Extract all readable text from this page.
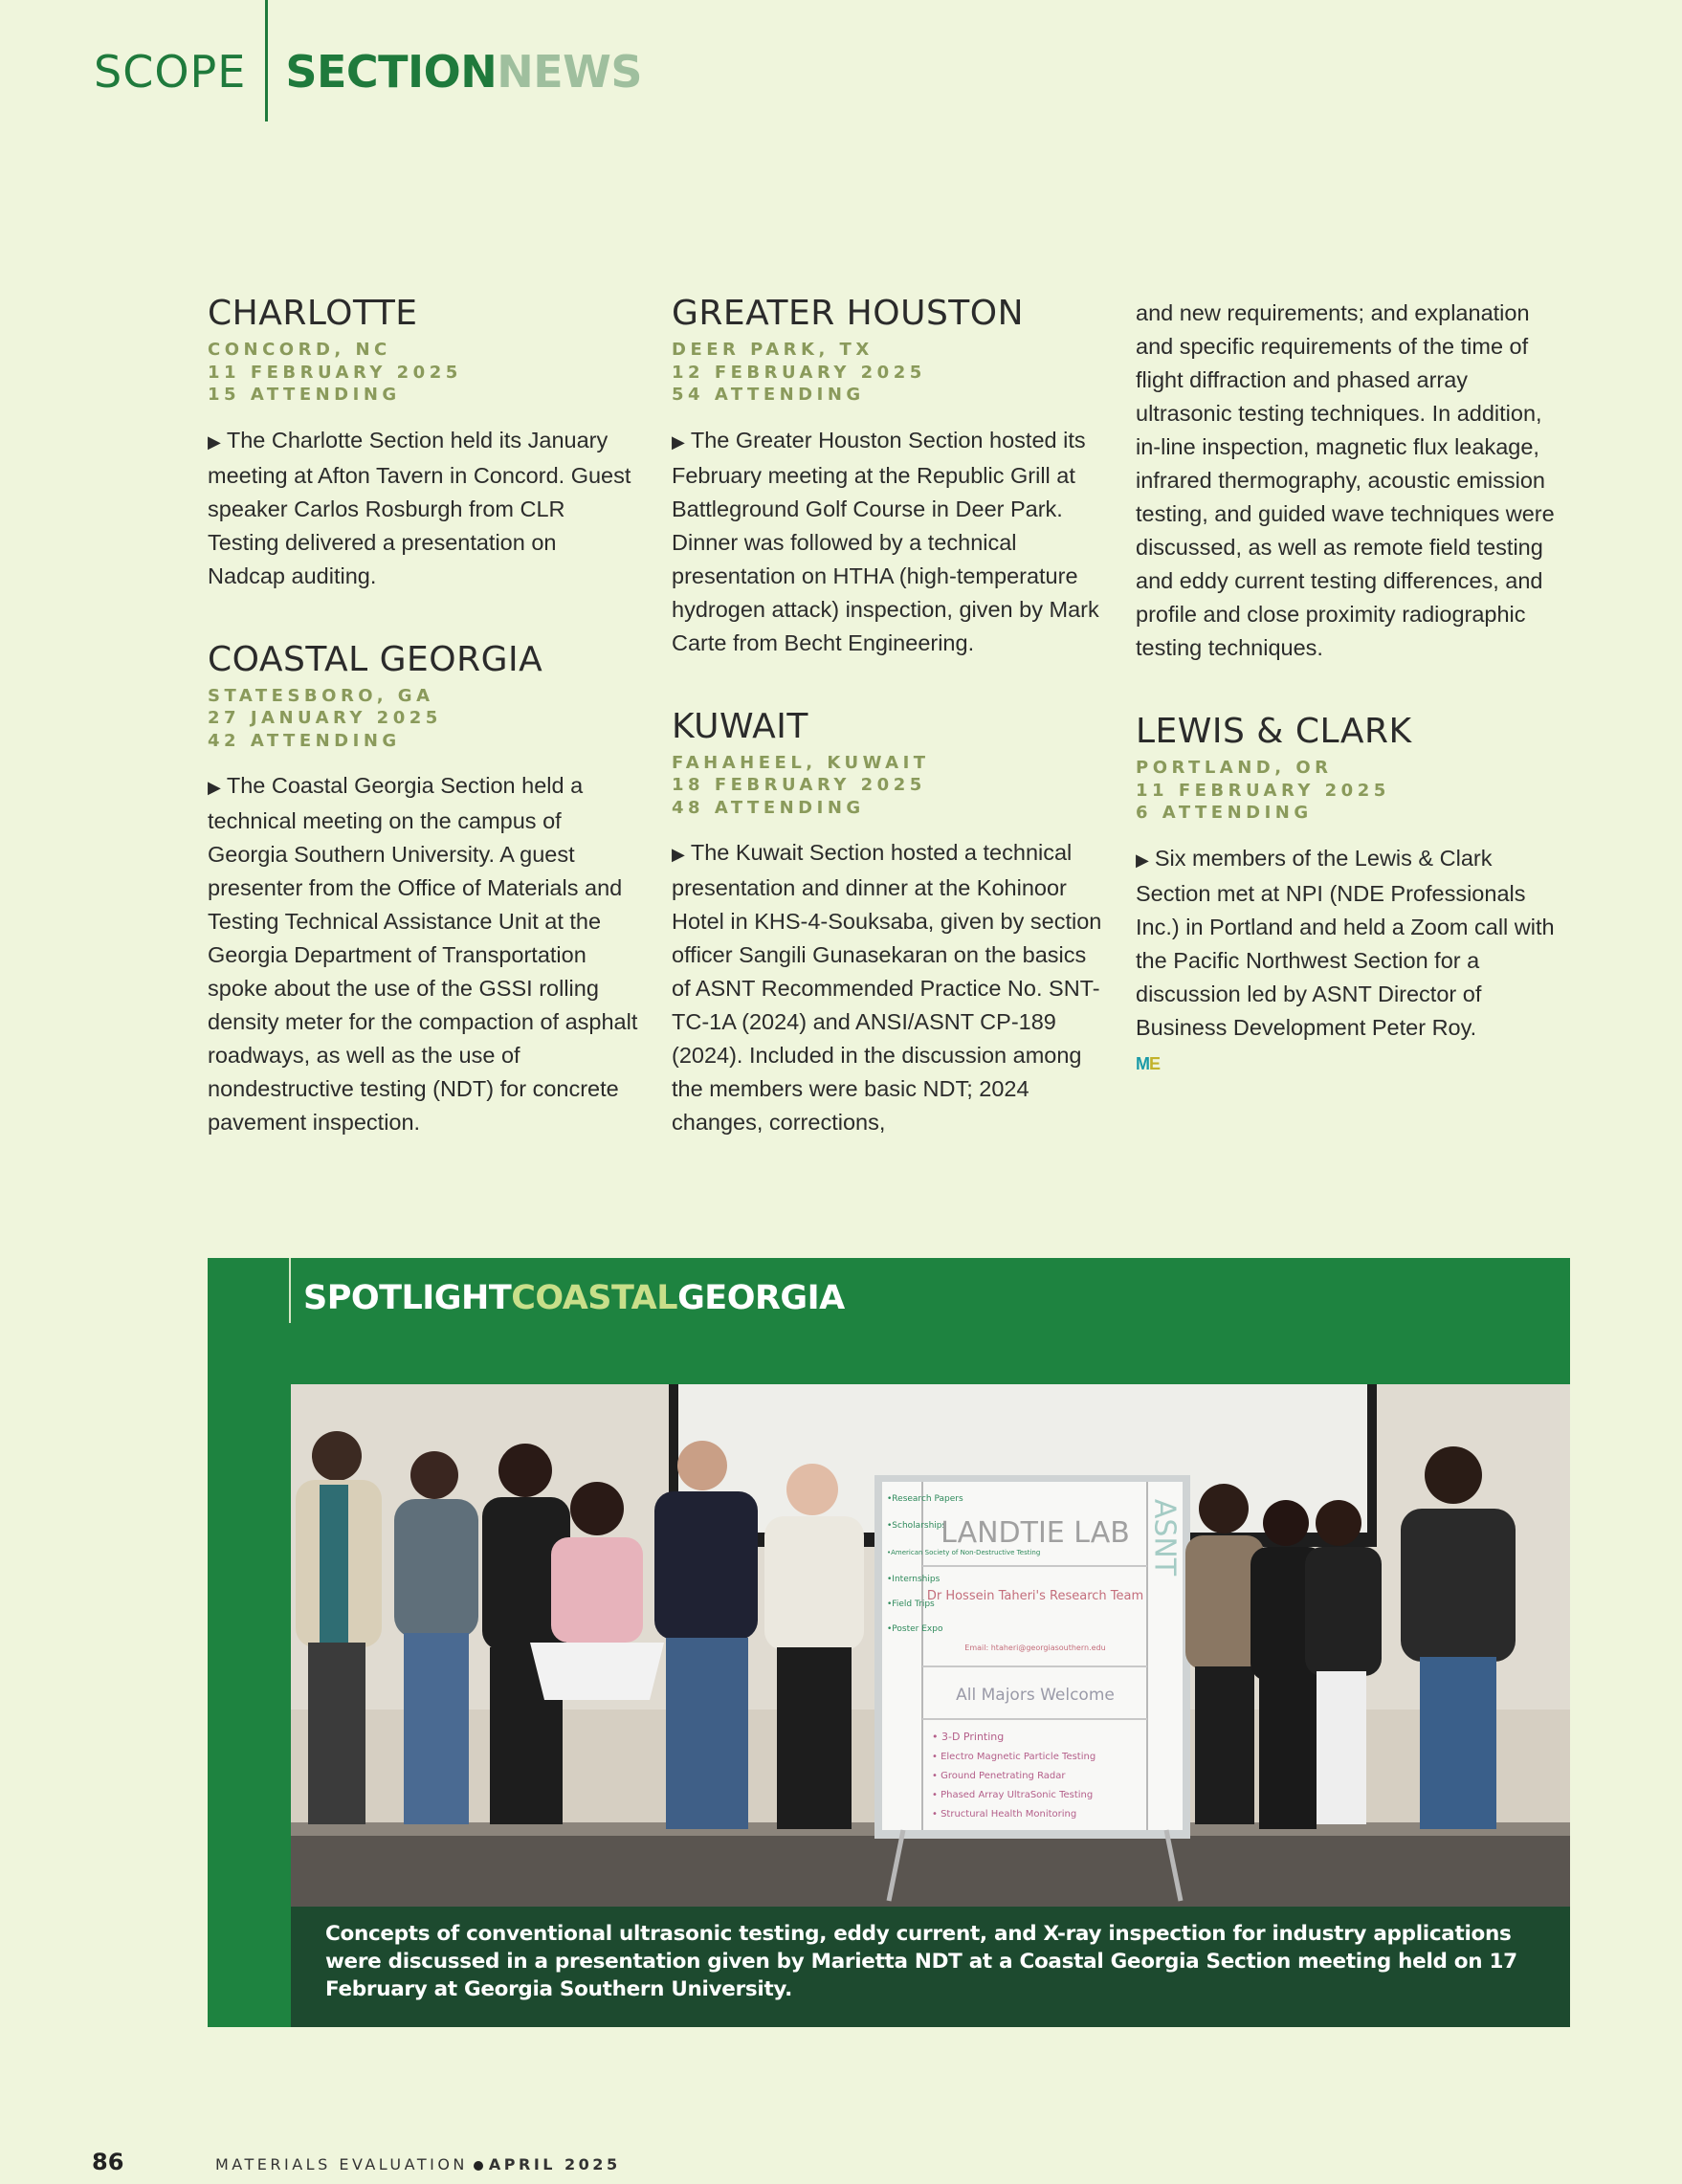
SCOPE SECTIONNEWS
CHARLOTTE
CONCORD, NC
11 FEBRUARY 2025
15 ATTENDING

▶ The Charlotte Section held its January meeting at Afton Tavern in Concord. Guest speaker Carlos Rosburgh from CLR Testing delivered a presentation on Nadcap auditing.

COASTAL GEORGIA
STATESBORO, GA
27 JANUARY 2025
42 ATTENDING

▶ The Coastal Georgia Section held a technical meeting on the campus of Georgia Southern University. A guest presenter from the Office of Materials and Testing Technical Assistance Unit at the Georgia Department of Transportation spoke about the use of the GSSI rolling density meter for the compaction of asphalt roadways, as well as the use of nondestructive testing (NDT) for concrete pavement inspection.

GREATER HOUSTON
DEER PARK, TX
12 FEBRUARY 2025
54 ATTENDING

▶ The Greater Houston Section hosted its February meeting at the Republic Grill at Battleground Golf Course in Deer Park. Dinner was followed by a technical presentation on HTHA (high-temperature hydrogen attack) inspection, given by Mark Carte from Becht Engineering.

KUWAIT
FAHAHEEL, KUWAIT
18 FEBRUARY 2025
48 ATTENDING

▶ The Kuwait Section hosted a technical presentation and dinner at the Kohinoor Hotel in KHS-4-Souksaba, given by section officer Sangili Gunasekaran on the basics of ASNT Recommended Practice No. SNT-TC-1A (2024) and ANSI/ASNT CP-189 (2024). Included in the discussion among the members were basic NDT; 2024 changes, corrections,

and new requirements; and explanation and specific requirements of the time of flight diffraction and phased array ultrasonic testing techniques. In addition, in-line inspection, magnetic flux leakage, infrared thermography, acoustic emission testing, and guided wave techniques were discussed, as well as remote field testing and eddy current testing differences, and profile and close proximity radiographic testing techniques.

LEWIS & CLARK
PORTLAND, OR
11 FEBRUARY 2025
6 ATTENDING

▶ Six members of the Lewis & Clark Section met at NPI (NDE Professionals Inc.) in Portland and held a Zoom call with the Pacific Northwest Section for a discussion led by ASNT Director of Business Development Peter Roy.

ME
SPOTLIGHTCOASTALGEORGIA
•Research Papers
•Scholarships
•American Society of Non-Destructive Testing
•Internships
•Field Trips
•Poster Expo
LANDTIE LAB
Dr Hossein Taheri's Research Team
Email: htaheri@georgiasouthern.edu
All Majors Welcome
• 3-D Printing
• Electro Magnetic Particle Testing
• Ground Penetrating Radar
• Phased Array UltraSonic Testing
• Structural Health Monitoring
ASNT
Concepts of conventional ultrasonic testing, eddy current, and X-ray inspection for industry applications were discussed in a presentation given by Marietta NDT at a Coastal Georgia Section meeting held on 17 February at Georgia Southern University.
86	MATERIALS EVALUATION APRIL 2025
